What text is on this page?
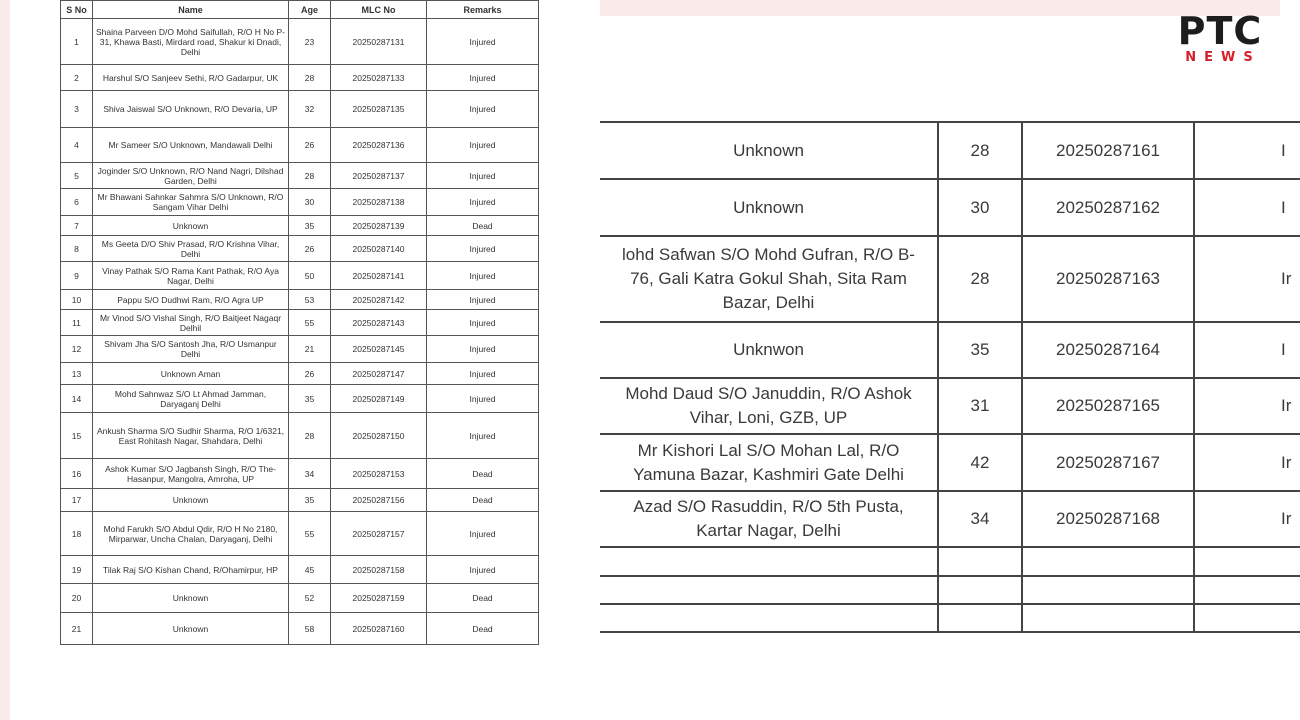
S No	Name	Age	MLC No	Remarks
1	Shaina Parveen D/O Mohd Saifullah, R/O H No P-31, Khawa Basti, Mirdard road, Shakur ki Dnadi, Delhi	23	20250287131	Injured
2	Harshul S/O Sanjeev Sethi, R/O Gadarpur, UK	28	20250287133	Injured
3	Shiva Jaiswal S/O Unknown, R/O Devaria, UP	32	20250287135	Injured
4	Mr Sameer S/O Unknown, Mandawali Delhi	26	20250287136	Injured
5	Joginder S/O Unknown, R/O Nand Nagri, Dilshad Garden, Delhi	28	20250287137	Injured
6	Mr Bhawani Sahnkar Sahmra S/O Unknown, R/O Sangam Vihar Delhi	30	20250287138	Injured
7	Unknown	35	20250287139	Dead
8	Ms Geeta D/O Shiv Prasad, R/O Krishna Vihar, Delhi	26	20250287140	Injured
9	Vinay Pathak S/O Rama Kant Pathak, R/O Aya Nagar, Delhi	50	20250287141	Injured
10	Pappu S/O Dudhwi Ram, R/O Agra UP	53	20250287142	Injured
11	Mr Vinod S/O Vishal Singh, R/O Baitjeet Nagaqr Delhil	55	20250287143	Injured
12	Shivam Jha S/O Santosh Jha, R/O Usmanpur Delhi	21	20250287145	Injured
13	Unknown Aman	26	20250287147	Injured
14	Mohd Sahnwaz S/O Lt Ahmad Jamman, Daryaganj Delhi	35	20250287149	Injured
15	Ankush Sharma S/O Sudhir Sharma, R/O 1/6321, East Rohitash Nagar, Shahdara, Delhi	28	20250287150	Injured
16	Ashok Kumar S/O Jagbansh Singh, R/O The-Hasanpur, Mangolra, Amroha, UP	34	20250287153	Dead
17	Unknown	35	20250287156	Dead
18	Mohd Farukh S/O Abdul Qdir, R/O H No 2180, Mirparwar, Uncha Chalan, Daryaganj, Delhi	55	20250287157	Injured
19	Tilak Raj S/O Kishan Chand, R/Ohamirpur, HP	45	20250287158	Injured
20	Unknown	52	20250287159	Dead
21	Unknown	58	20250287160	Dead
Unknown	28	20250287161	I
Unknown	30	20250287162	I
lohd Safwan S/O Mohd Gufran, R/O B-
76, Gali Katra Gokul Shah, Sita Ram
Bazar, Delhi	28	20250287163	Ir
Unknwon	35	20250287164	I
Mohd Daud S/O Januddin, R/O Ashok
Vihar, Loni, GZB, UP	31	20250287165	Ir
Mr Kishori Lal S/O Mohan Lal, R/O
Yamuna Bazar, Kashmiri Gate Delhi	42	20250287167	Ir
Azad S/O Rasuddin, R/O 5th Pusta,
Kartar Nagar, Delhi	34	20250287168	Ir

PTC
NEWS
